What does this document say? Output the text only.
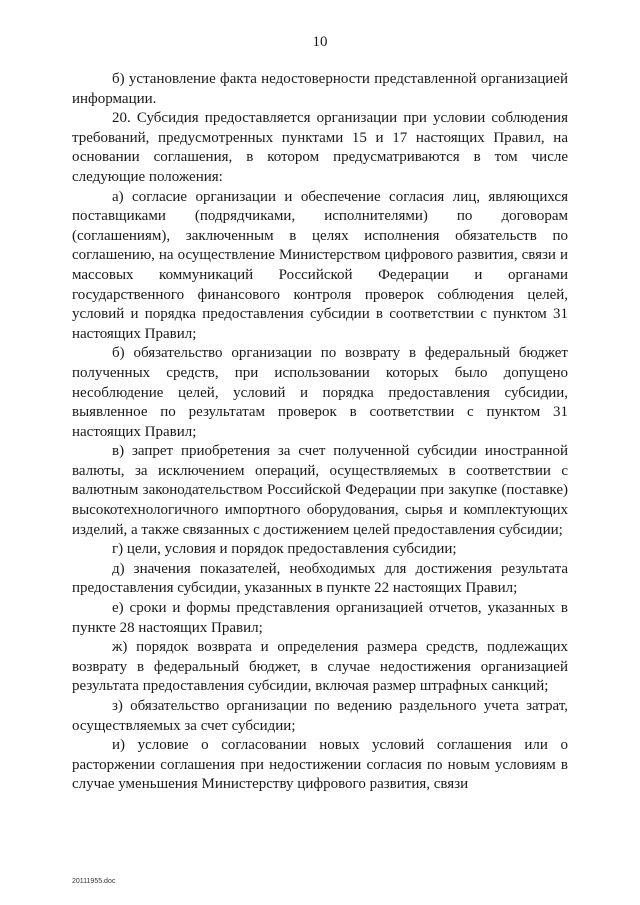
10

б) установление факта недостоверности представленной организацией информации.

20. Субсидия предоставляется организации при условии соблюдения требований, предусмотренных пунктами 15 и 17 настоящих Правил, на основании соглашения, в котором предусматриваются в том числе следующие положения:

а) согласие организации и обеспечение согласия лиц, являющихся поставщиками (подрядчиками, исполнителями) по договорам (соглашениям), заключенным в целях исполнения обязательств по соглашению, на осуществление Министерством цифрового развития, связи и массовых коммуникаций Российской Федерации и органами государственного финансового контроля проверок соблюдения целей, условий и порядка предоставления субсидии в соответствии с пунктом 31 настоящих Правил;

б) обязательство организации по возврату в федеральный бюджет полученных средств, при использовании которых было допущено несоблюдение целей, условий и порядка предоставления субсидии, выявленное по результатам проверок в соответствии с пунктом 31 настоящих Правил;

в) запрет приобретения за счет полученной субсидии иностранной валюты, за исключением операций, осуществляемых в соответствии с валютным законодательством Российской Федерации при закупке (поставке) высокотехнологичного импортного оборудования, сырья и комплектующих изделий, а также связанных с достижением целей предоставления субсидии;

г) цели, условия и порядок предоставления субсидии;

д) значения показателей, необходимых для достижения результата предоставления субсидии, указанных в пункте 22 настоящих Правил;

е) сроки и формы представления организацией отчетов, указанных в пункте 28 настоящих Правил;

ж) порядок возврата и определения размера средств, подлежащих возврату в федеральный бюджет, в случае недостижения организацией результата предоставления субсидии, включая размер штрафных санкций;

з) обязательство организации по ведению раздельного учета затрат, осуществляемых за счет субсидии;

и) условие о согласовании новых условий соглашения или о расторжении соглашения при недостижении согласия по новым условиям в случае уменьшения Министерству цифрового развития, связи

20111955.doc
